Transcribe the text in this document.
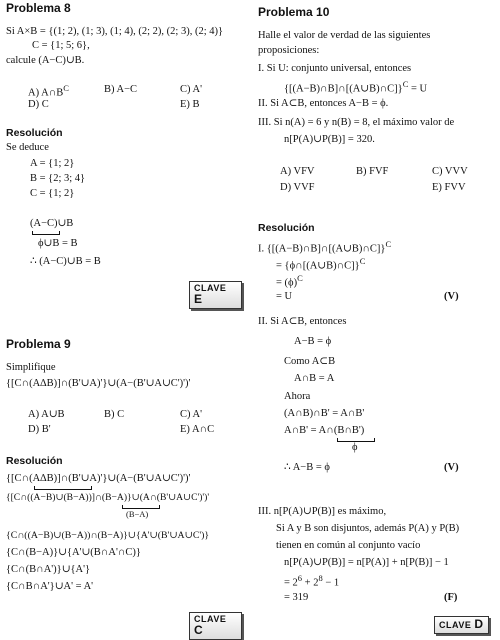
Problema 8
Si A×B = {(1; 2), (1; 3), (1; 4), (2; 2), (2; 3), (2; 4)}
C = {1; 5; 6},
calcule (A−C)∪B.
A) $A\cap B^C$	B) A−C	C) A'
D) C	E) B
Resolución
Se deduce
A = {1; 2}
B = {2; 3; 4}
C = {1; 2}
(A−C)∪B
ϕ∪B = B
∴ (A−C)∪B = B
CLAVE E
Problema 9
Simplifique
{[C∩(A∆B)]∩(B'∪A)'}∪(A−(B'∪A∪C')')'
A) A∪B	B) C	C) A'
D) B'	E) A∩C
Resolución
{[C∩(A∆B)]∩(B'∪A)'}∪(A−(B'∪A∪C')')'
{[C∩((A−B)∪(B−A))]∩(B−A)}∪(A∩(B'∪A∪C')')'
(B−A)
{C∩((A−B)∪(B−A))∩(B−A)}∪{A'∪(B'∪A∪C')}
{C∩(B−A)}∪{A'∪(B∩A'∩C)}
{C∩(B∩A')}∪{A'}
{C∩B∩A'}∪A' = A'
CLAVE C
Problema 10
Halle el valor de verdad de las siguientes
proposiciones:
I. Si U: conjunto universal, entonces
{[(A−B)∩B]∩[(A∪B)∩C]}$^C$ = U
II. Si A⊂B, entonces A−B = ϕ.
III. Si n(A) = 6 y n(B) = 8, el máximo valor de
n[P(A)∪P(B)] = 320.
A) VFV	B) FVF	C) VVV
D) VVF	E) FVV
Resolución
I. {[(A−B)∩B]∩[(A∪B)∩C]}$^C$
= {ϕ∩[(A∪B)∩C]}$^C$
= $(\phi)^C$
= U	(V)
II. Si A⊂B, entonces
A−B = ϕ
Como A⊂B
A∩B = A
Ahora
(A∩B)∩B' = A∩B'
A∩B' = A∩(B∩B')
ϕ
∴ A−B = ϕ	(V)
III. n[P(A)∪P(B)] es máximo,
Si A y B son disjuntos, además P(A) y P(B)
tienen en común al conjunto vacío
n[P(A)∪P(B)] = n[P(A)] + n[P(B)] − 1
= $2^6 + 2^8 - 1$
= 319	(F)
CLAVE D
